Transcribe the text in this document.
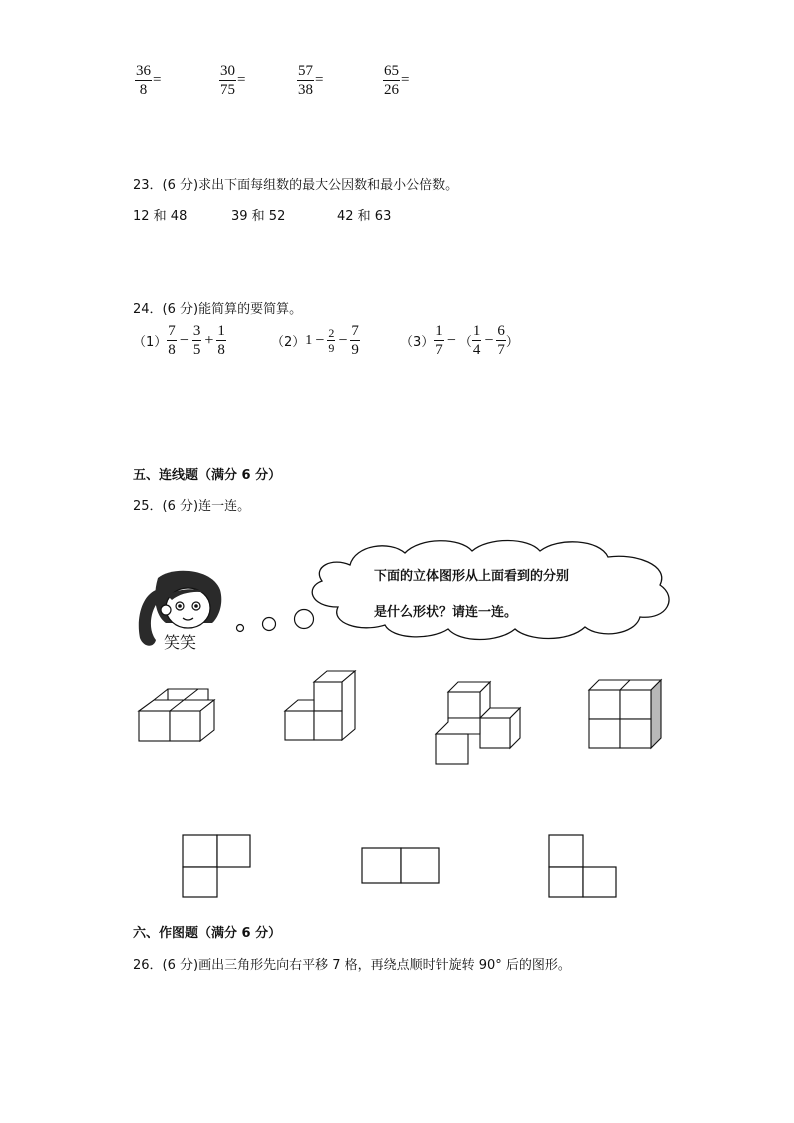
$\frac{36}{8}$ =	$\frac{30}{75}$ =	$\frac{57}{38}$ =	$\frac{65}{26}$ =
23．(6 分)求出下面每组数的最大公因数和最小公倍数。
12 和 48	39 和 52	42 和 63
24．(6 分)能简算的要简算。
$(1) \frac{7}{8} - \frac{3}{5} + \frac{1}{8}$	（2） $1 - \frac{2}{9} - \frac{7}{9}$	$(3) \frac{1}{7}$ − （ $\frac{1}{4} - \frac{6}{7}$ ）
五、连线题（满分 6 分）
25．(6 分)连一连。
下面的立体图形从上面看到的分别
是什么形状？请连一连。
笑笑
六、作图题（满分 6 分）
26．(6 分)画出三角形先向右平移 7 格，再绕点顺时针旋转 90° 后的图形。
